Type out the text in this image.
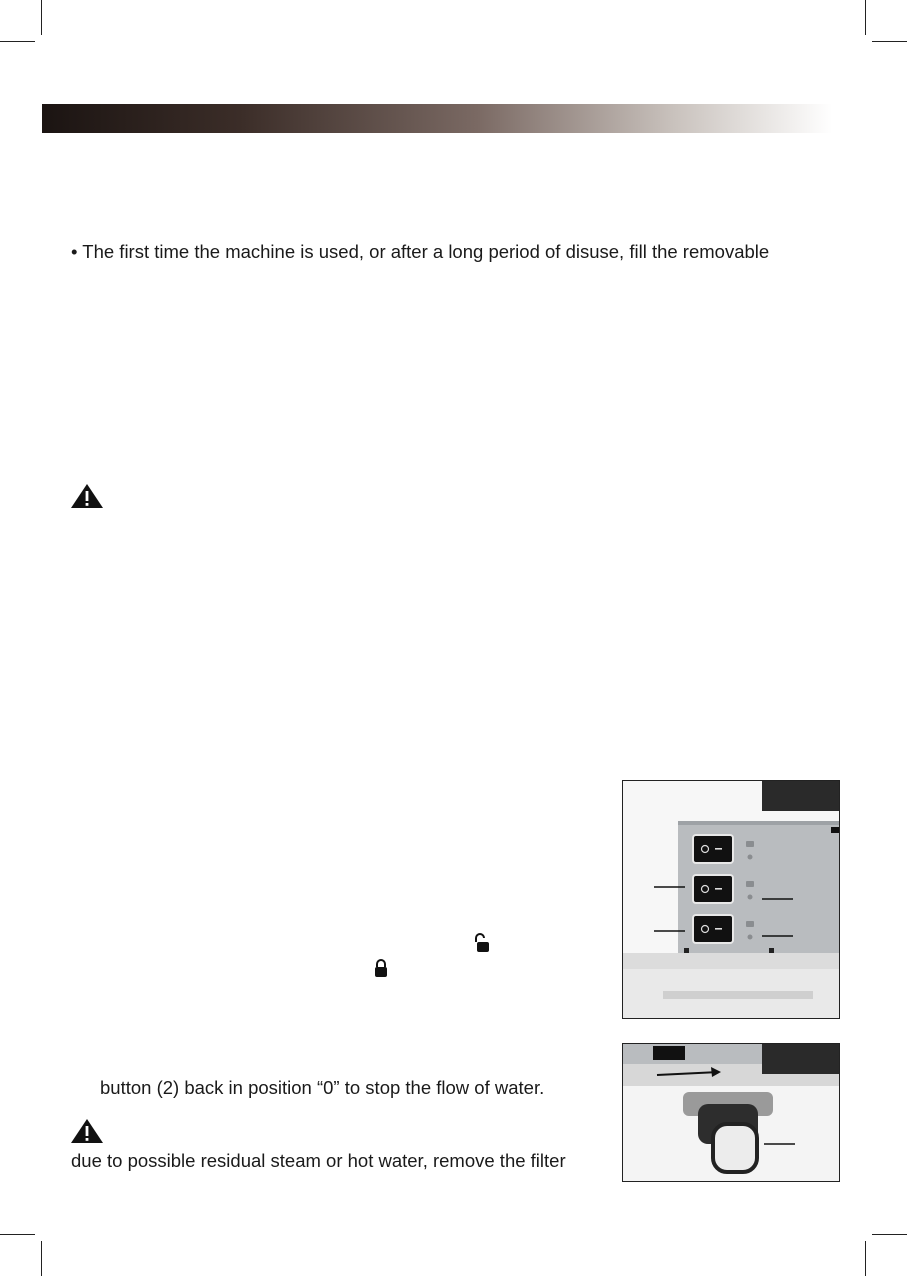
• The first time the machine is used, or after a long period of disuse, fill the removable
button (2) back in position “0” to stop the flow of water.
due to possible residual steam or hot water, remove the filter
